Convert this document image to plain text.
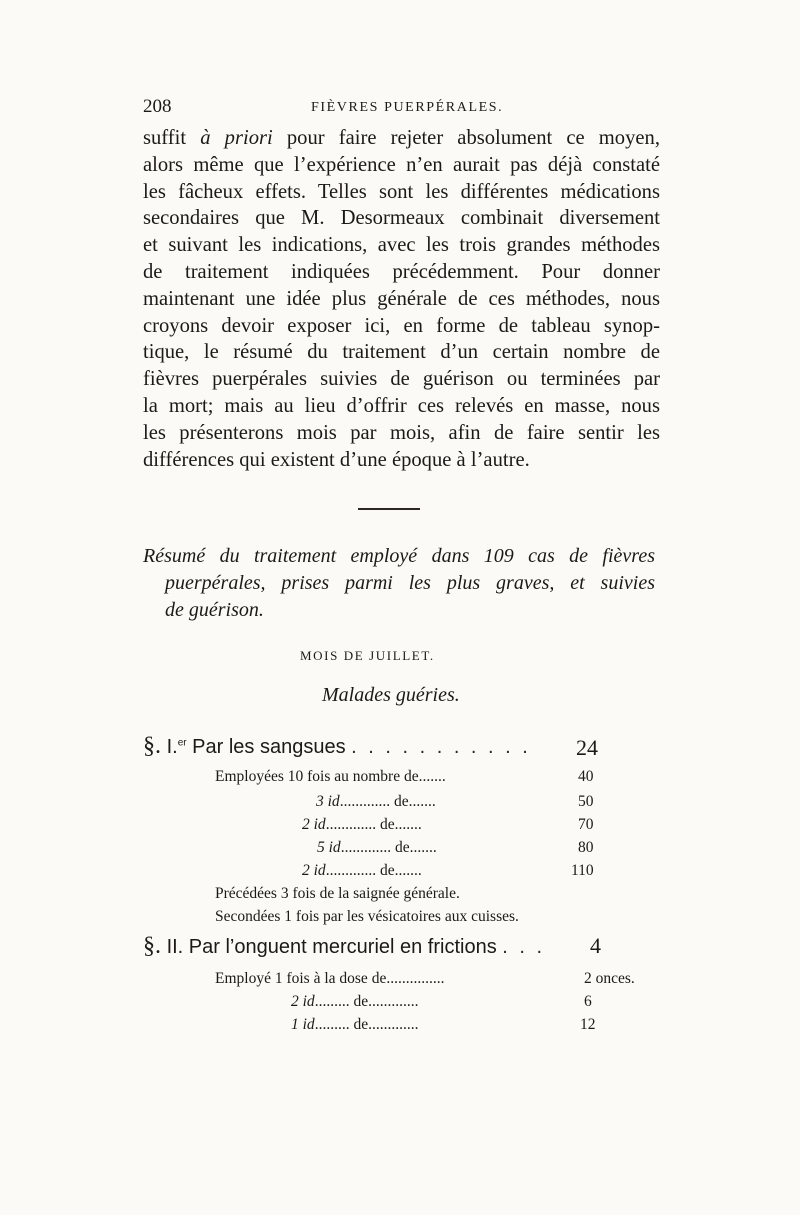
208	FIÈVRES PUERPÉRALES.
suffit à priori pour faire rejeter absolument ce moyen,
alors même que l’expérience n’en aurait pas déjà constaté
les fâcheux effets. Telles sont les différentes médications
secondaires que M. Desormeaux combinait diversement
et suivant les indications, avec les trois grandes méthodes
de traitement indiquées précédemment. Pour donner
maintenant une idée plus générale de ces méthodes, nous
croyons devoir exposer ici, en forme de tableau synop-
tique, le résumé du traitement d’un certain nombre de
fièvres puerpérales suivies de guérison ou terminées par
la mort; mais au lieu d’offrir ces relevés en masse, nous
les présenterons mois par mois, afin de faire sentir les
différences qui existent d’une époque à l’autre.
Résumé du traitement employé dans 109 cas de fièvres
puerpérales, prises parmi les plus graves, et suivies
de guérison.
MOIS DE JUILLET.
Malades guéries.
§. I.$^{er}$ Par les sangsues . . . . . . . . . . . 24
Employées 10 fois au nombre de.......	40
3 id............. de.......	50
2 id............. de.......	70
5 id............. de.......	80
2 id............. de.......	110
Précédées 3 fois de la saignée générale.
Secondées 1 fois par les vésicatoires aux cuisses.
§. II. Par l’onguent mercuriel en frictions . . . 4
Employé 1 fois à la dose de...............	2 onces.
2 id......... de.............	6
1 id......... de.............	12
